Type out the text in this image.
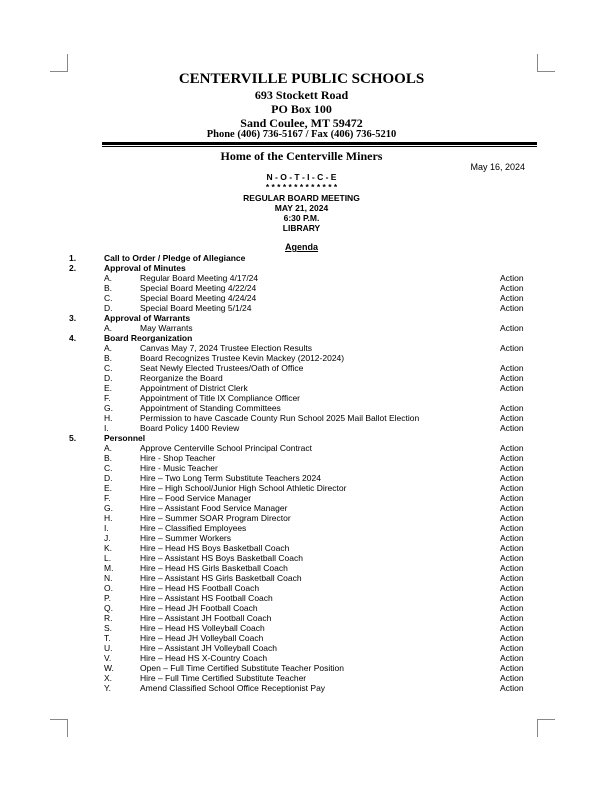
CENTERVILLE PUBLIC SCHOOLS
693 Stockett Road
PO Box 100
Sand Coulee, MT 59472
Phone (406) 736-5167 / Fax (406) 736-5210
Home of the Centerville Miners
May 16, 2024
N - O - T - I - C - E
* * * * * * * * * * * * *
REGULAR BOARD MEETING
MAY 21, 2024
6:30 P.M.
LIBRARY
Agenda
1.	Call to Order / Pledge of Allegiance
2.	Approval of Minutes
A.	Regular Board Meeting 4/17/24	Action
B.	Special Board Meeting 4/22/24	Action
C.	Special Board Meeting 4/24/24	Action
D.	Special Board Meeting 5/1/24	Action
3.	Approval of Warrants
A.	May Warrants	Action
4.	Board Reorganization
A.	Canvas May 7, 2024 Trustee Election Results	Action
B.	Board Recognizes Trustee Kevin Mackey (2012-2024)
C.	Seat Newly Elected Trustees/Oath of Office	Action
D.	Reorganize the Board	Action
E.	Appointment of District Clerk	Action
F.	Appointment of Title IX Compliance Officer
G.	Appointment of Standing Committees	Action
H.	Permission to have Cascade County Run School 2025 Mail Ballot Election	Action
I.	Board Policy 1400 Review	Action
5.	Personnel
A.	Approve Centerville School Principal Contract	Action
B.	Hire - Shop Teacher	Action
C.	Hire - Music Teacher	Action
D.	Hire – Two Long Term Substitute Teachers 2024	Action
E.	Hire – High School/Junior High School Athletic Director	Action
F.	Hire – Food Service Manager	Action
G.	Hire – Assistant Food Service Manager	Action
H.	Hire – Summer SOAR Program Director	Action
I.	Hire – Classified Employees	Action
J.	Hire – Summer Workers	Action
K.	Hire – Head HS Boys Basketball Coach	Action
L.	Hire – Assistant HS Boys Basketball Coach	Action
M.	Hire – Head HS Girls Basketball Coach	Action
N.	Hire – Assistant HS Girls Basketball Coach	Action
O.	Hire – Head HS Football Coach	Action
P.	Hire – Assistant HS Football Coach	Action
Q.	Hire – Head JH Football Coach	Action
R.	Hire – Assistant JH Football Coach	Action
S.	Hire – Head HS Volleyball Coach	Action
T.	Hire – Head JH Volleyball Coach	Action
U.	Hire – Assistant JH Volleyball Coach	Action
V.	Hire – Head HS X-Country Coach	Action
W.	Open – Full Time Certified Substitute Teacher Position	Action
X.	Hire – Full Time Certified Substitute Teacher	Action
Y.	Amend Classified School Office Receptionist Pay	Action
